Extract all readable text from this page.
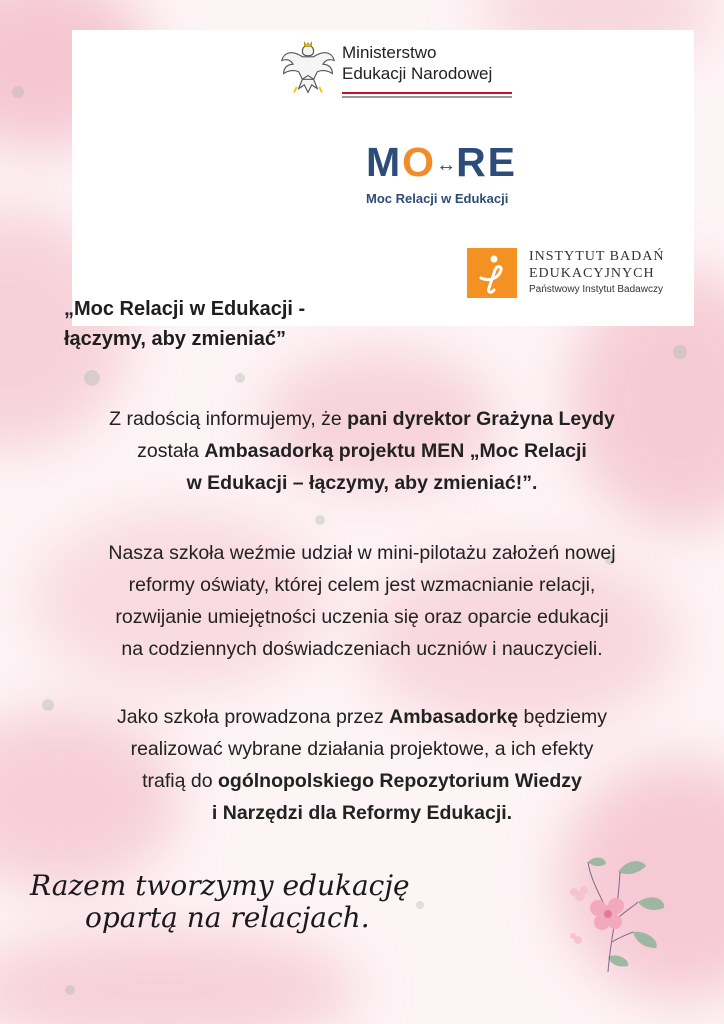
Ministerstwo
Edukacji Narodowej
MO↔RE
Moc Relacji w Edukacji
INSTYTUT BADAŃ
EDUKACYJNYCH
Państwowy Instytut Badawczy
„Moc Relacji w Edukacji -
łączymy, aby zmieniać”
Z radością informujemy, że pani dyrektor Grażyna Leydy
została Ambasadorką projektu MEN „Moc Relacji
w Edukacji – łączymy, aby zmieniać!”.
Nasza szkoła weźmie udział w mini-pilotażu założeń nowej
reformy oświaty, której celem jest wzmacnianie relacji,
rozwijanie umiejętności uczenia się oraz oparcie edukacji
na codziennych doświadczeniach uczniów i nauczycieli.
Jako szkoła prowadzona przez Ambasadorkę będziemy
realizować wybrane działania projektowe, a ich efekty
trafią do ogólnopolskiego Repozytorium Wiedzy
i Narzędzi dla Reformy Edukacji.
Razem tworzymy edukację
opartą na relacjach.
